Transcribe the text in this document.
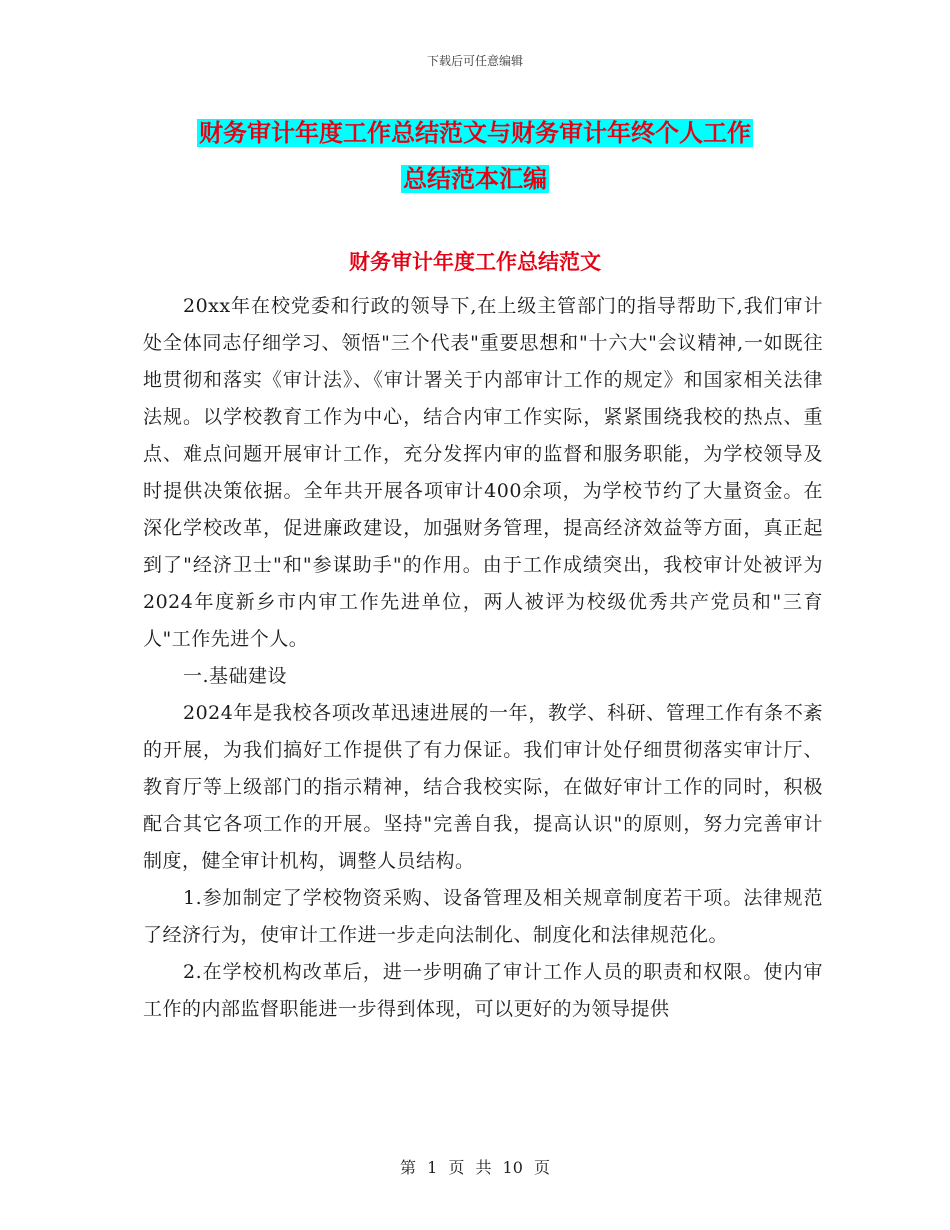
下载后可任意编辑
财务审计年度工作总结范文与财务审计年终个人工作
总结范本汇编
财务审计年度工作总结范文

20xx年在校党委和行政的领导下,在上级主管部门的指导帮助下,我们审计处全体同志仔细学习、领悟"三个代表"重要思想和"十六大"会议精神,一如既往地贯彻和落实《审计法》、《审计署关于内部审计工作的规定》和国家相关法律法规。以学校教育工作为中心，结合内审工作实际，紧紧围绕我校的热点、重点、难点问题开展审计工作，充分发挥内审的监督和服务职能，为学校领导及时提供决策依据。全年共开展各项审计400余项，为学校节约了大量资金。在深化学校改革，促进廉政建设，加强财务管理，提高经济效益等方面，真正起到了"经济卫士"和"参谋助手"的作用。由于工作成绩突出，我校审计处被评为2024年度新乡市内审工作先进单位，两人被评为校级优秀共产党员和"三育人"工作先进个人。

一.基础建设

2024年是我校各项改革迅速进展的一年，教学、科研、管理工作有条不紊的开展，为我们搞好工作提供了有力保证。我们审计处仔细贯彻落实审计厅、教育厅等上级部门的指示精神，结合我校实际，在做好审计工作的同时，积极配合其它各项工作的开展。坚持"完善自我，提高认识"的原则，努力完善审计制度，健全审计机构，调整人员结构。

1.参加制定了学校物资采购、设备管理及相关规章制度若干项。法律规范了经济行为，使审计工作进一步走向法制化、制度化和法律规范化。

2.在学校机构改革后，进一步明确了审计工作人员的职责和权限。使内审工作的内部监督职能进一步得到体现，可以更好的为领导提供

第 1 页 共 10 页
